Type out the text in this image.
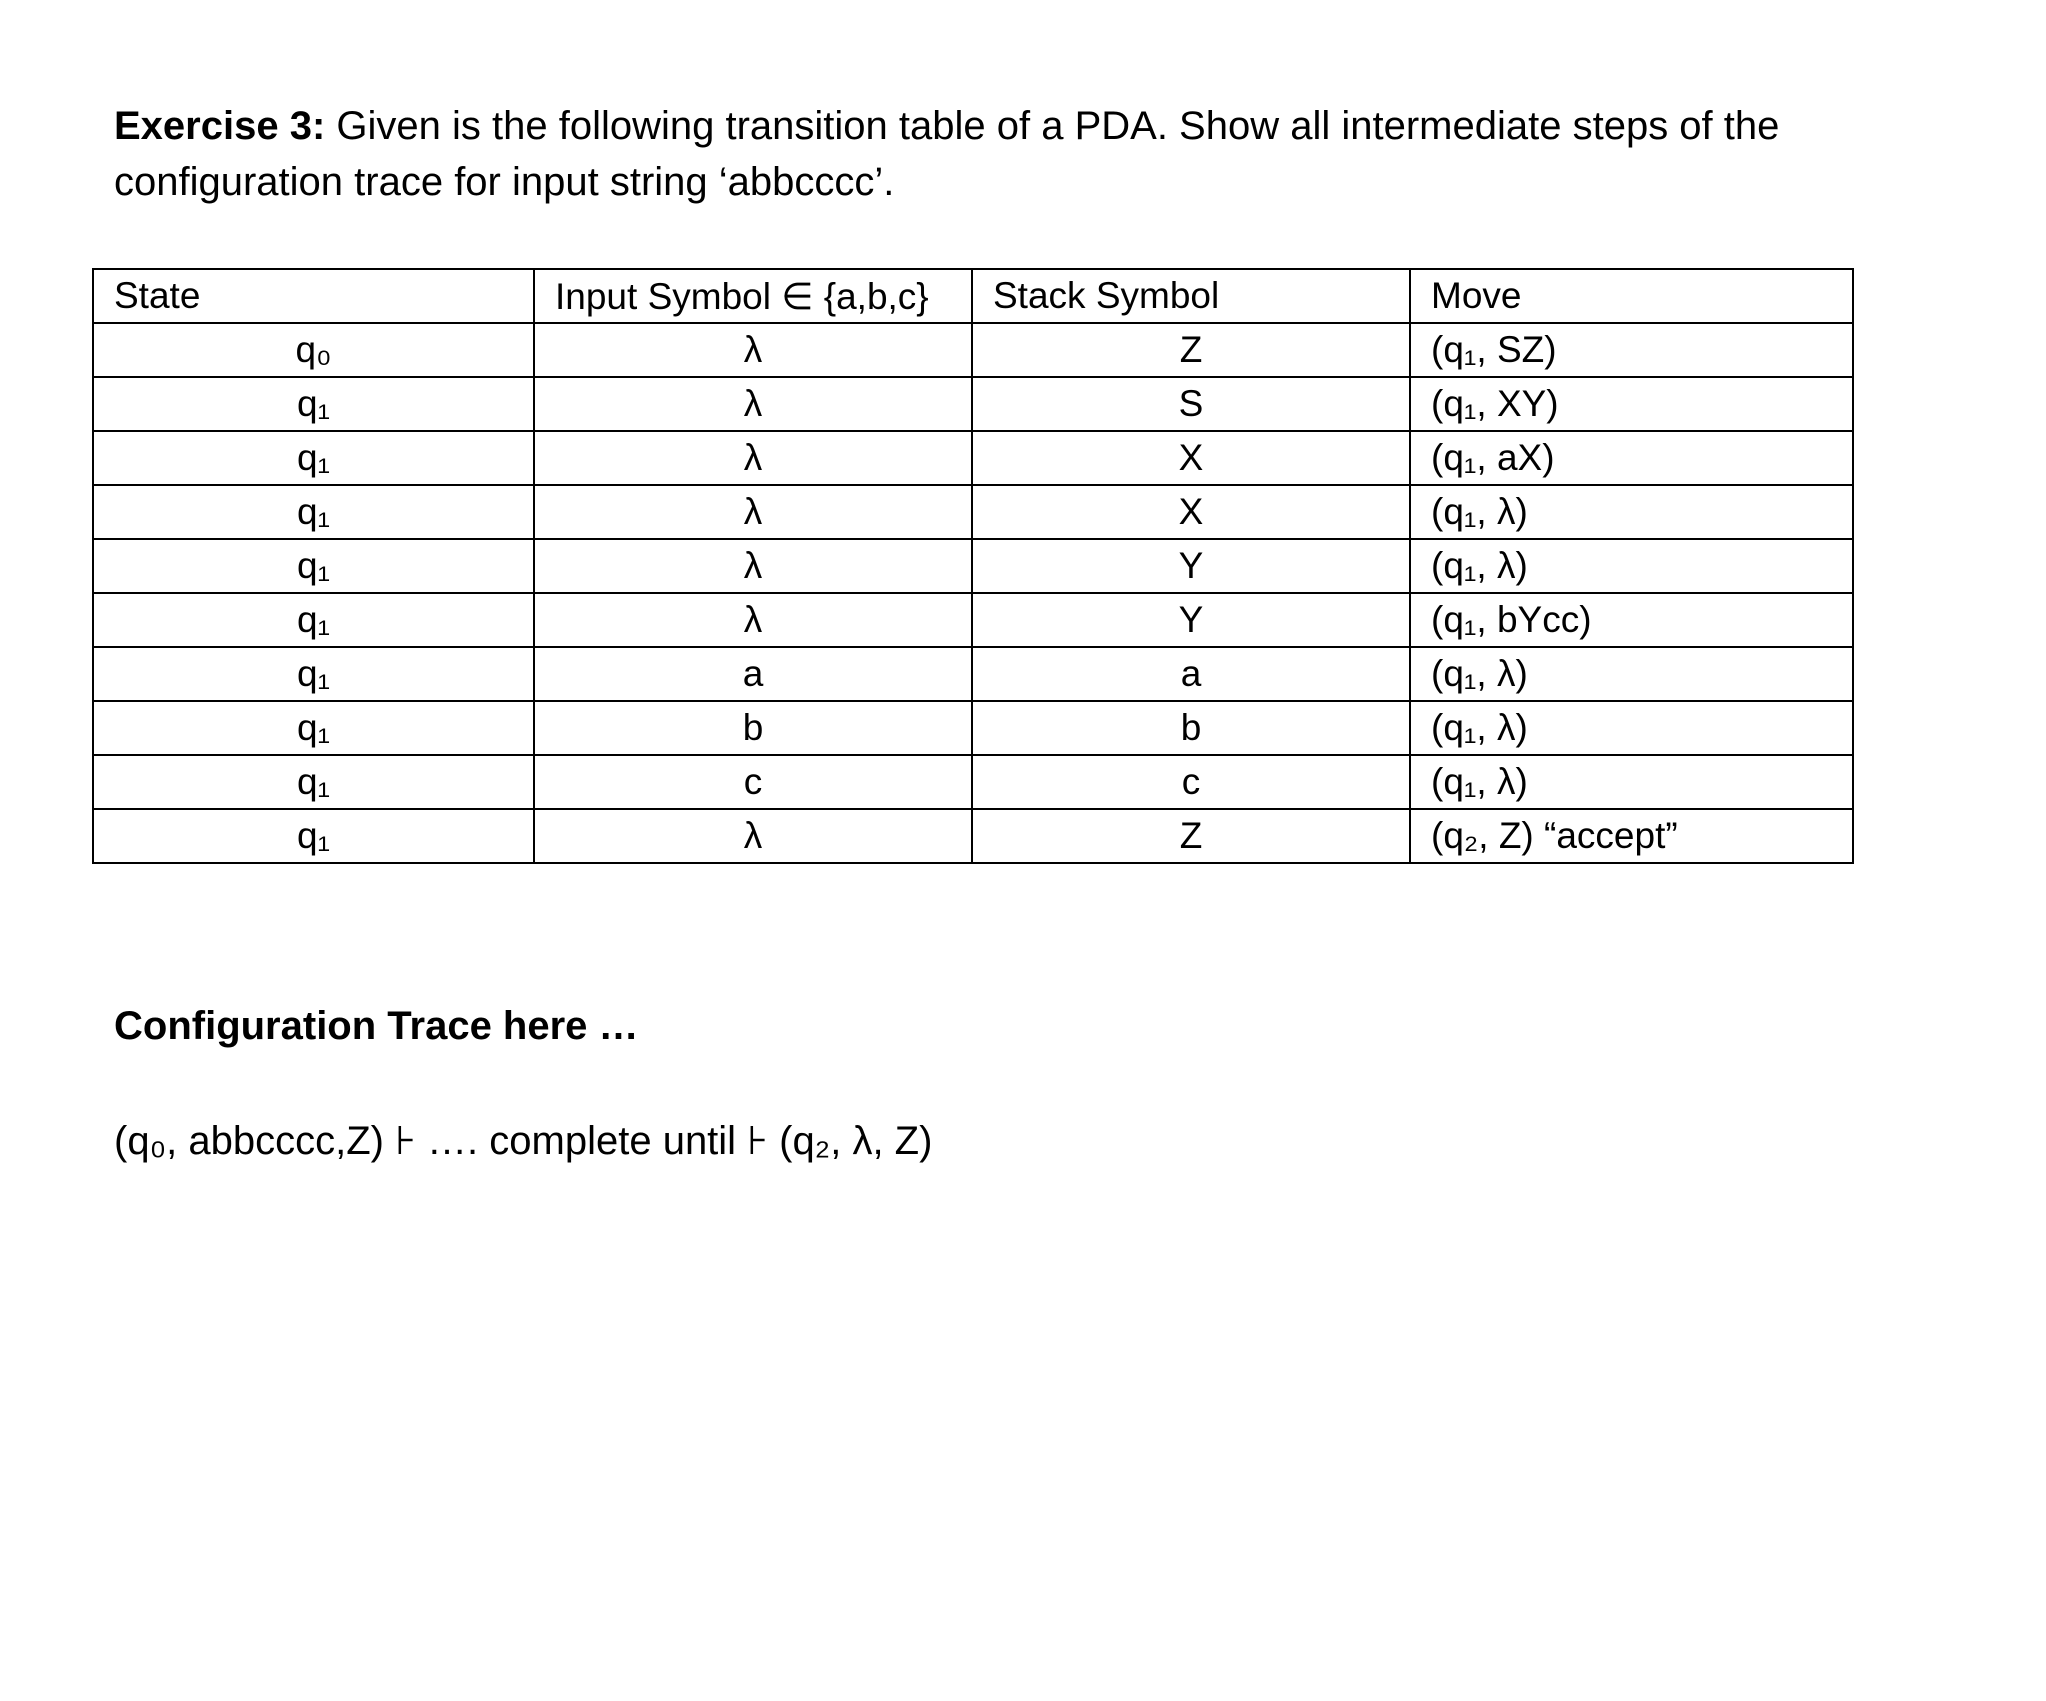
Exercise 3: Given is the following transition table of a PDA. Show all intermediate steps of the configuration trace for input string ‘abbcccc’.

State	Input Symbol ∈ {a,b,c}	Stack Symbol	Move
q₀	λ	Z	(q₁, SZ)
q₁	λ	S	(q₁, XY)
q₁	λ	X	(q₁, aX)
q₁	λ	X	(q₁, λ)
q₁	λ	Y	(q₁, λ)
q₁	λ	Y	(q₁, bYcc)
q₁	a	a	(q₁, λ)
q₁	b	b	(q₁, λ)
q₁	c	c	(q₁, λ)
q₁	λ	Z	(q₂, Z) “accept”
Configuration Trace here …
(q₀, abbcccc,Z) ⊦ …. complete until ⊦ (q₂, λ, Z)
